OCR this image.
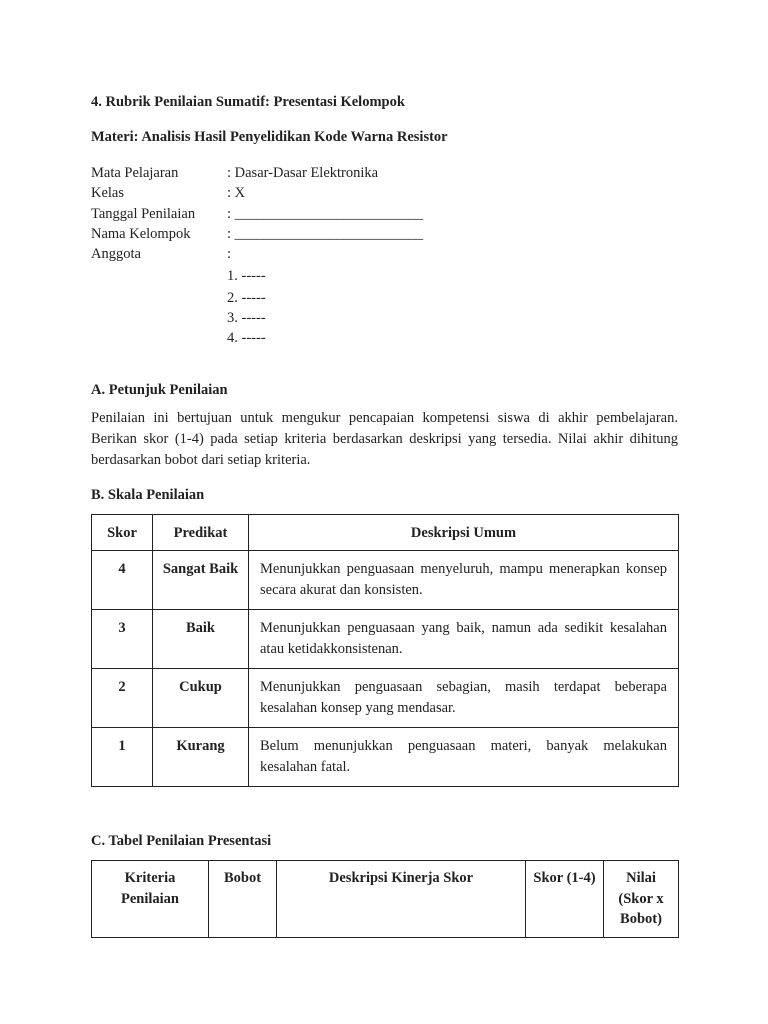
4. Rubrik Penilaian Sumatif: Presentasi Kelompok
Materi: Analisis Hasil Penyelidikan Kode Warna Resistor
Mata Pelajaran	: Dasar-Dasar Elektronika
Kelas	: X
Tanggal Penilaian	: __________________________
Nama Kelompok	: __________________________
Anggota	:
1. -----
2. -----
3. -----
4. -----
A. Petunjuk Penilaian

Penilaian ini bertujuan untuk mengukur pencapaian kompetensi siswa di akhir pembelajaran. Berikan skor (1-4) pada setiap kriteria berdasarkan deskripsi yang tersedia. Nilai akhir dihitung berdasarkan bobot dari setiap kriteria.

B. Skala Penilaian
Skor	Predikat	Deskripsi Umum
4	Sangat Baik	Menunjukkan penguasaan menyeluruh, mampu menerapkan konsep secara akurat dan konsisten.
3	Baik	Menunjukkan penguasaan yang baik, namun ada sedikit kesalahan atau ketidakkonsistenan.
2	Cukup	Menunjukkan penguasaan sebagian, masih terdapat beberapa kesalahan konsep yang mendasar.
1	Kurang	Belum menunjukkan penguasaan materi, banyak melakukan kesalahan fatal.
C. Tabel Penilaian Presentasi
Kriteria Penilaian	Bobot	Deskripsi Kinerja Skor	Skor (1-4)	Nilai (Skor x Bobot)
